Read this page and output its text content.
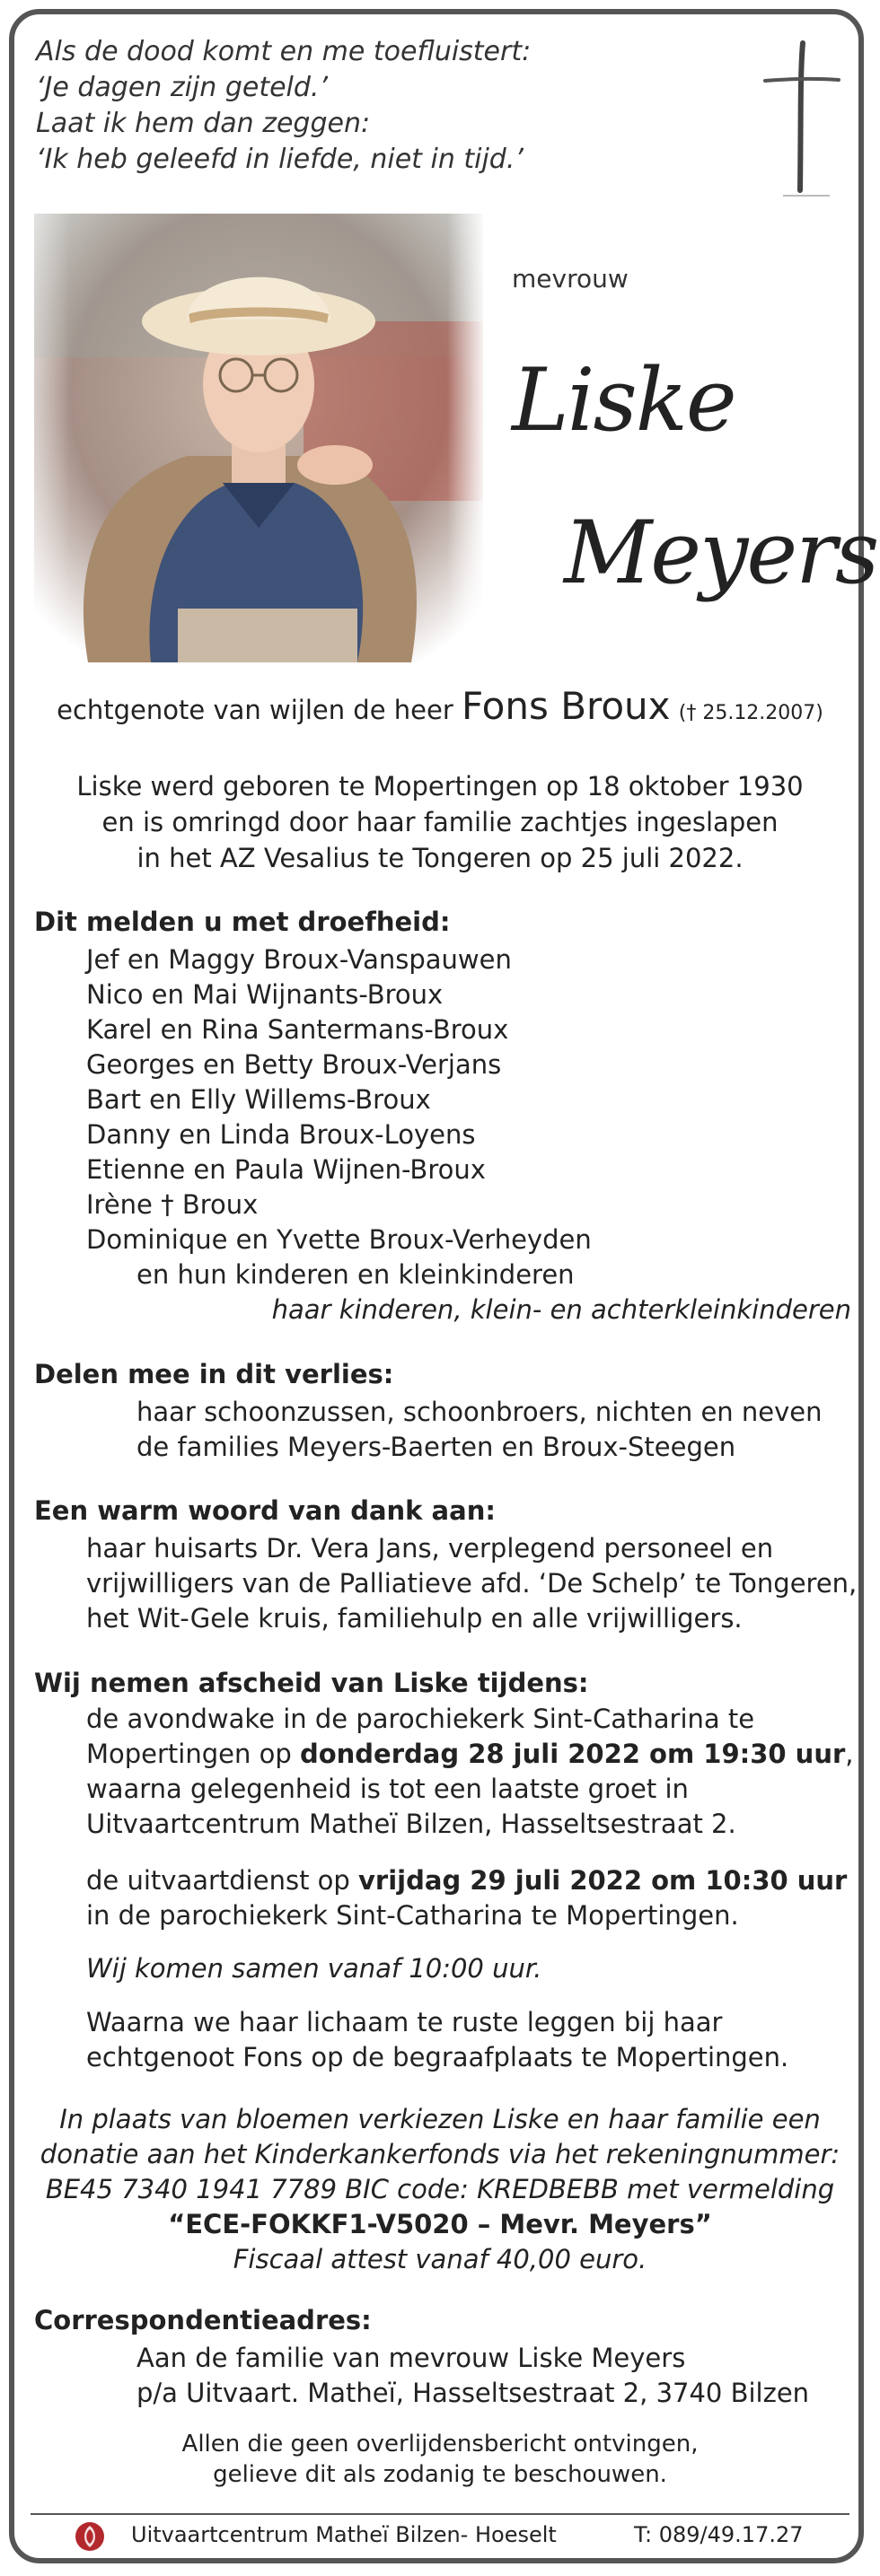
Als de dood komt en me toefluistert:
‘Je dagen zijn geteld.’
Laat ik hem dan zeggen:
‘Ik heb geleefd in liefde, niet in tijd.’
mevrouw
Liske
Meyers
echtgenote van wijlen de heer Fons Broux († 25.12.2007)
Liske werd geboren te Mopertingen op 18 oktober 1930
en is omringd door haar familie zachtjes ingeslapen
in het AZ Vesalius te Tongeren op 25 juli 2022.
Dit melden u met droefheid:
Jef en Maggy Broux-Vanspauwen
Nico en Mai Wijnants-Broux
Karel en Rina Santermans-Broux
Georges en Betty Broux-Verjans
Bart en Elly Willems-Broux
Danny en Linda Broux-Loyens
Etienne en Paula Wijnen-Broux
Irène † Broux
Dominique en Yvette Broux-Verheyden
en hun kinderen en kleinkinderen
haar kinderen, klein- en achterkleinkinderen
Delen mee in dit verlies:
haar schoonzussen, schoonbroers, nichten en neven
de families Meyers-Baerten en Broux-Steegen
Een warm woord van dank aan:
haar huisarts Dr. Vera Jans, verplegend personeel en
vrijwilligers van de Palliatieve afd. ‘De Schelp’ te Tongeren,
het Wit-Gele kruis, familiehulp en alle vrijwilligers.
Wij nemen afscheid van Liske tijdens:
de avondwake in de parochiekerk Sint-Catharina te
Mopertingen op donderdag 28 juli 2022 om 19:30 uur,
waarna gelegenheid is tot een laatste groet in
Uitvaartcentrum Matheï Bilzen, Hasseltsestraat 2.
de uitvaartdienst op vrijdag 29 juli 2022 om 10:30 uur
in de parochiekerk Sint-Catharina te Mopertingen.
Wij komen samen vanaf 10:00 uur.
Waarna we haar lichaam te ruste leggen bij haar
echtgenoot Fons op de begraafplaats te Mopertingen.
In plaats van bloemen verkiezen Liske en haar familie een
donatie aan het Kinderkankerfonds via het rekeningnummer:
BE45 7340 1941 7789 BIC code: KREDBEBB met vermelding
“ECE-FOKKF1-V5020 – Mevr. Meyers”
Fiscaal attest vanaf 40,00 euro.
Correspondentieadres:
Aan de familie van mevrouw Liske Meyers
p/a Uitvaart. Matheï, Hasseltsestraat 2, 3740 Bilzen
Allen die geen overlijdensbericht ontvingen,
gelieve dit als zodanig te beschouwen.
Uitvaartcentrum Matheï Bilzen- Hoeselt	T: 089/49.17.27
